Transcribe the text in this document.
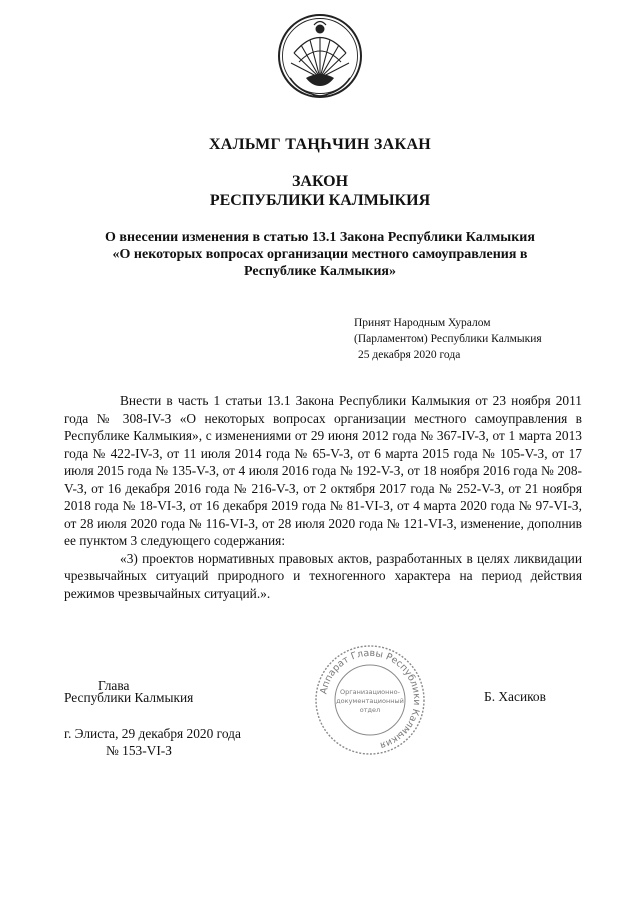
ХАЛЬМГ ТАҢҺЧИН ЗАКАН
ЗАКОН
РЕСПУБЛИКИ КАЛМЫКИЯ
О внесении изменения в статью 13.1 Закона Республики Калмыкия
«О некоторых вопросах организации местного самоуправления в
Республике Калмыкия»
Принят Народным Хуралом
(Парламентом) Республики Калмыкия
25 декабря 2020 года

Внести в часть 1 статьи 13.1 Закона Республики Калмыкия от 23 ноября 2011 года № 308-IV-З «О некоторых вопросах организации местного самоуправления в Республике Калмыкия», с изменениями от 29 июня 2012 года № 367-IV-З, от 1 марта 2013 года № 422-IV-З, от 11 июля 2014 года № 65-V-З, от 6 марта 2015 года № 105-V-З, от 17 июля 2015 года № 135-V-З, от 4 июля 2016 года № 192-V-З, от 18 ноября 2016 года № 208-V-З, от 16 декабря 2016 года № 216-V-З, от 2 октября 2017 года № 252-V-З, от 21 ноября 2018 года № 18-VI-З, от 16 декабря 2019 года № 81-VI-З, от 4 марта 2020 года № 97-VI-З, от 28 июля 2020 года № 116-VI-З, от 28 июля 2020 года № 121-VI-З, изменение, дополнив ее пунктом 3 следующего содержания:

«3) проектов нормативных правовых актов, разработанных в целях ликвидации чрезвычайных ситуаций природного и техногенного характера на период действия режимов чрезвычайных ситуаций.».

Аппарат Главы Республики Калмыкия
Организационно-
документационный
отдел
Глава
Республики Калмыкия	Б. Хасиков
г. Элиста, 29 декабря 2020 года
№ 153-VI-З
